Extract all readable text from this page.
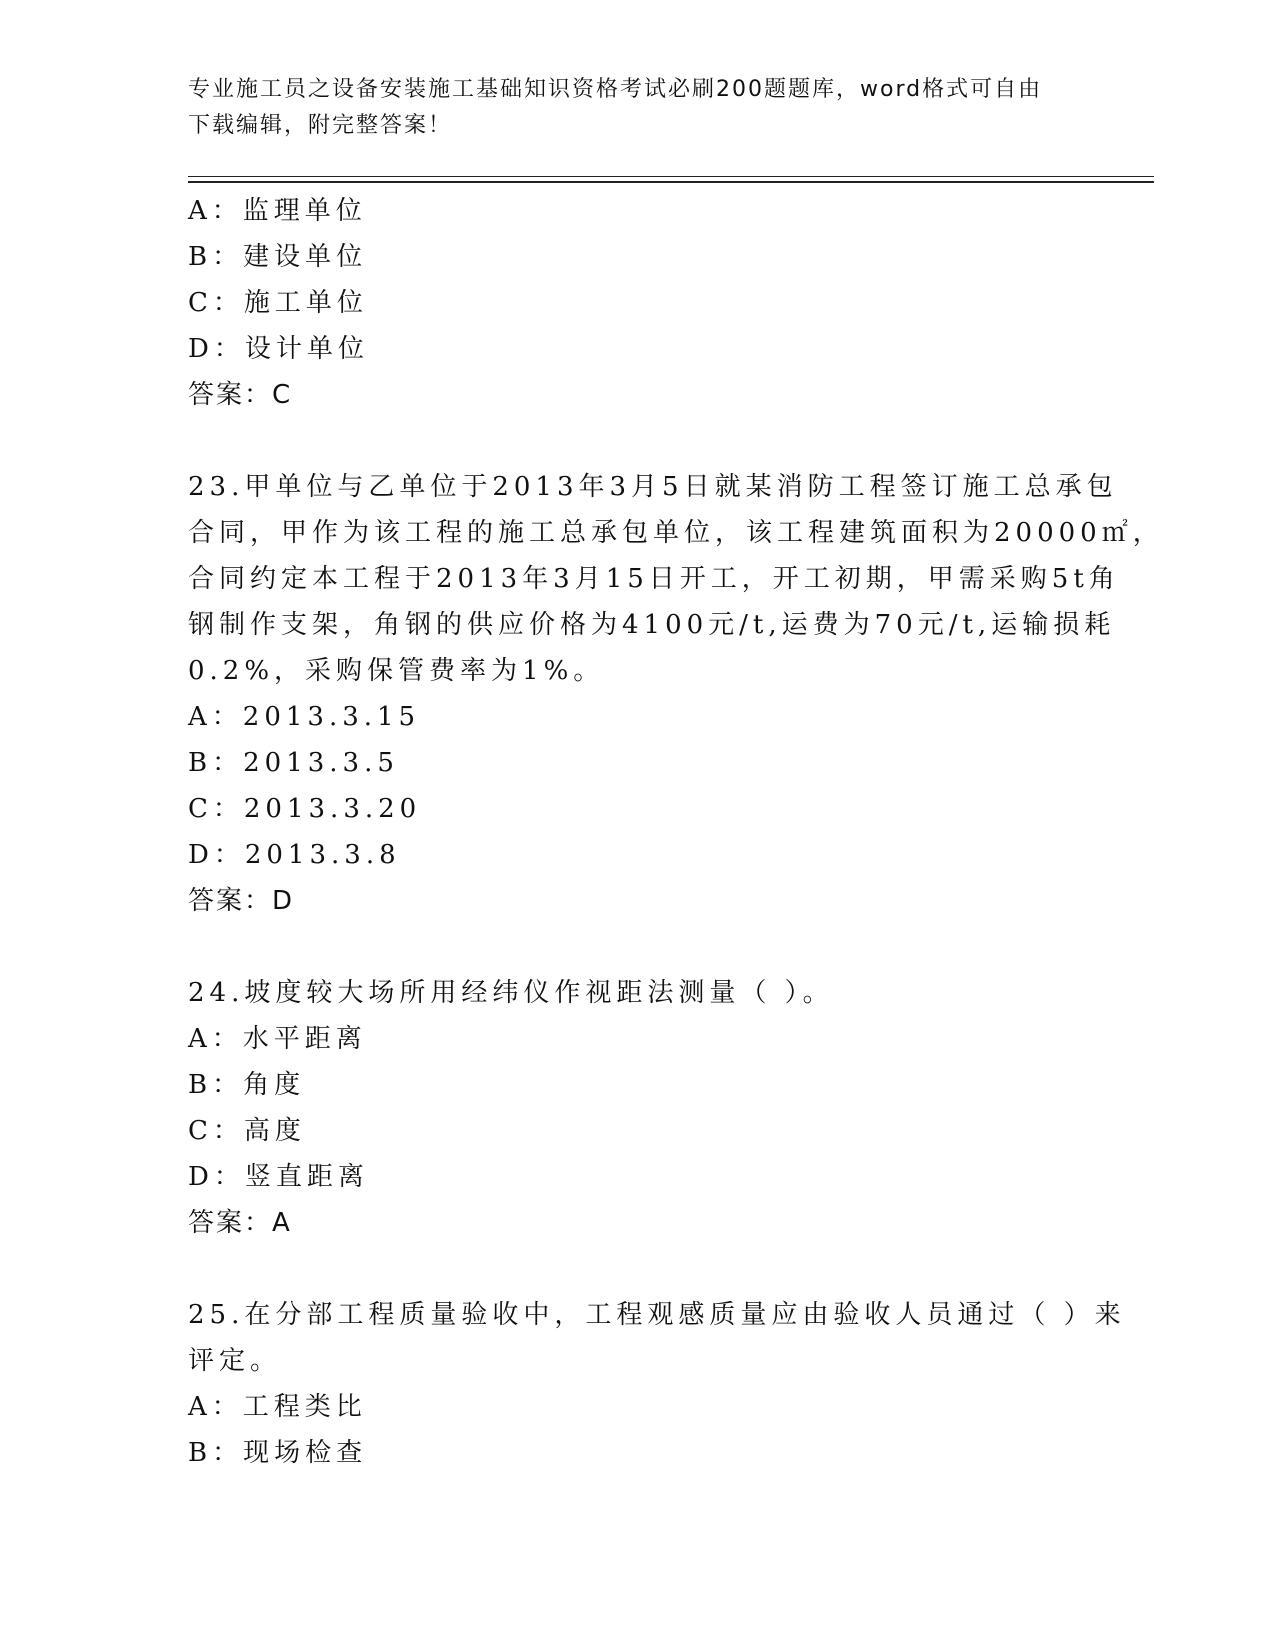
专业施工员之设备安装施工基础知识资格考试必刷200题题库，word格式可自由
下载编辑，附完整答案！
A：监理单位
B：建设单位
C：施工单位
D：设计单位
答案：C
23.甲单位与乙单位于2013年3月5日就某消防工程签订施工总承包
合同，甲作为该工程的施工总承包单位，该工程建筑面积为20000㎡，
合同约定本工程于2013年3月15日开工，开工初期，甲需采购5t角
钢制作支架，角钢的供应价格为4100元/t,运费为70元/t,运输损耗
0.2%，采购保管费率为1%。
A：2013.3.15
B：2013.3.5
C：2013.3.20
D：2013.3.8
答案：D
24.坡度较大场所用经纬仪作视距法测量（ ）。
A：水平距离
B：角度
C：高度
D：竖直距离
答案：A
25.在分部工程质量验收中，工程观感质量应由验收人员通过（ ）来
评定。
A：工程类比
B：现场检查
